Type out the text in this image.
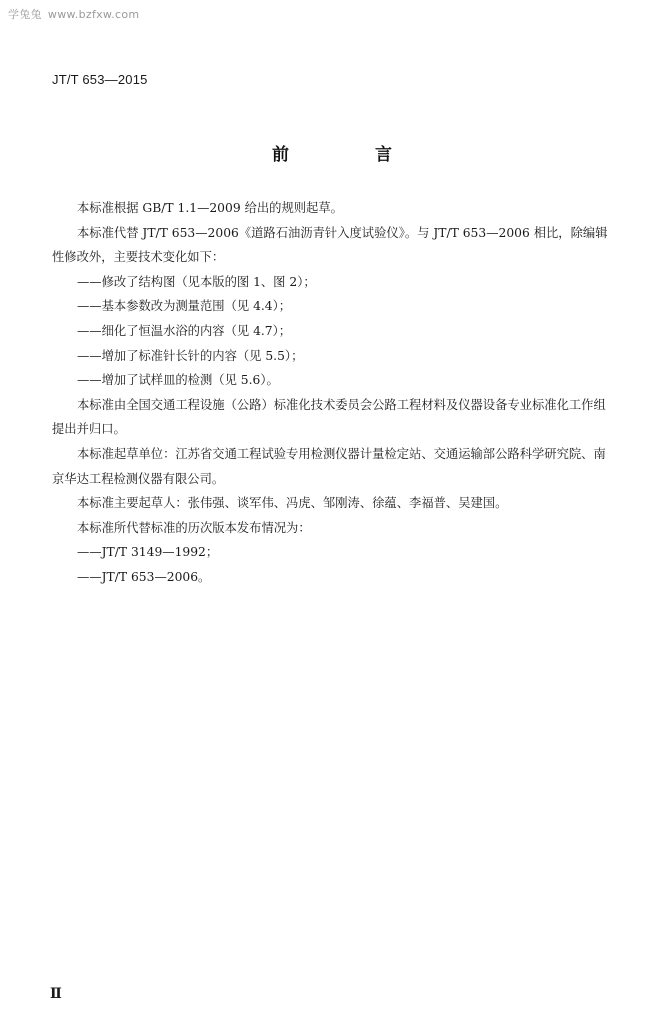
学兔兔 www.bzfxw.com
JT/T 653—2015
前 言

本标准根据 GB/T 1.1—2009 给出的规则起草。

本标准代替 JT/T 653—2006《道路石油沥青针入度试验仪》。与 JT/T 653—2006 相比，除编辑性修改外，主要技术变化如下：

——修改了结构图（见本版的图 1、图 2）；

——基本参数改为测量范围（见 4.4）；

——细化了恒温水浴的内容（见 4.7）；

——增加了标准针长针的内容（见 5.5）；

——增加了试样皿的检测（见 5.6）。

本标准由全国交通工程设施（公路）标准化技术委员会公路工程材料及仪器设备专业标准化工作组提出并归口。

本标准起草单位：江苏省交通工程试验专用检测仪器计量检定站、交通运输部公路科学研究院、南京华达工程检测仪器有限公司。

本标准主要起草人：张伟强、谈军伟、冯虎、邹刚涛、徐蕴、李福普、吴建国。

本标准所代替标准的历次版本发布情况为：

——JT/T 3149—1992；

——JT/T 653—2006。

Ⅱ
